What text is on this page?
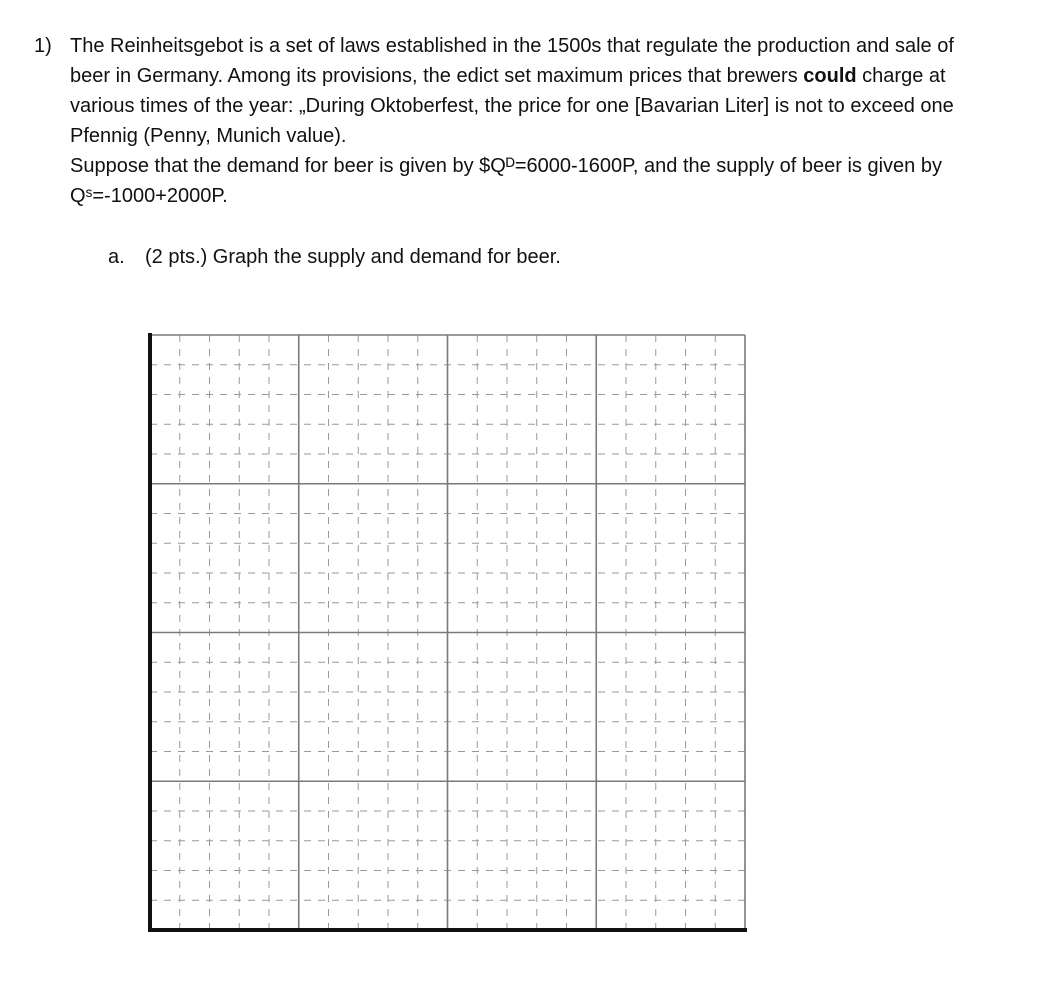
1) The Reinheitsgebot is a set of laws established in the 1500s that regulate the production and sale of beer in Germany. Among its provisions, the edict set maximum prices that brewers could charge at various times of the year: „During Oktoberfest, the price for one [Bavarian Liter] is not to exceed one Pfennig (Penny, Munich value).

Suppose that the demand for beer is given by $Qᴰ=6000-1600P, and the supply of beer is given by Qˢ=-1000+2000P.

a.	(2 pts.) Graph the supply and demand for beer.
